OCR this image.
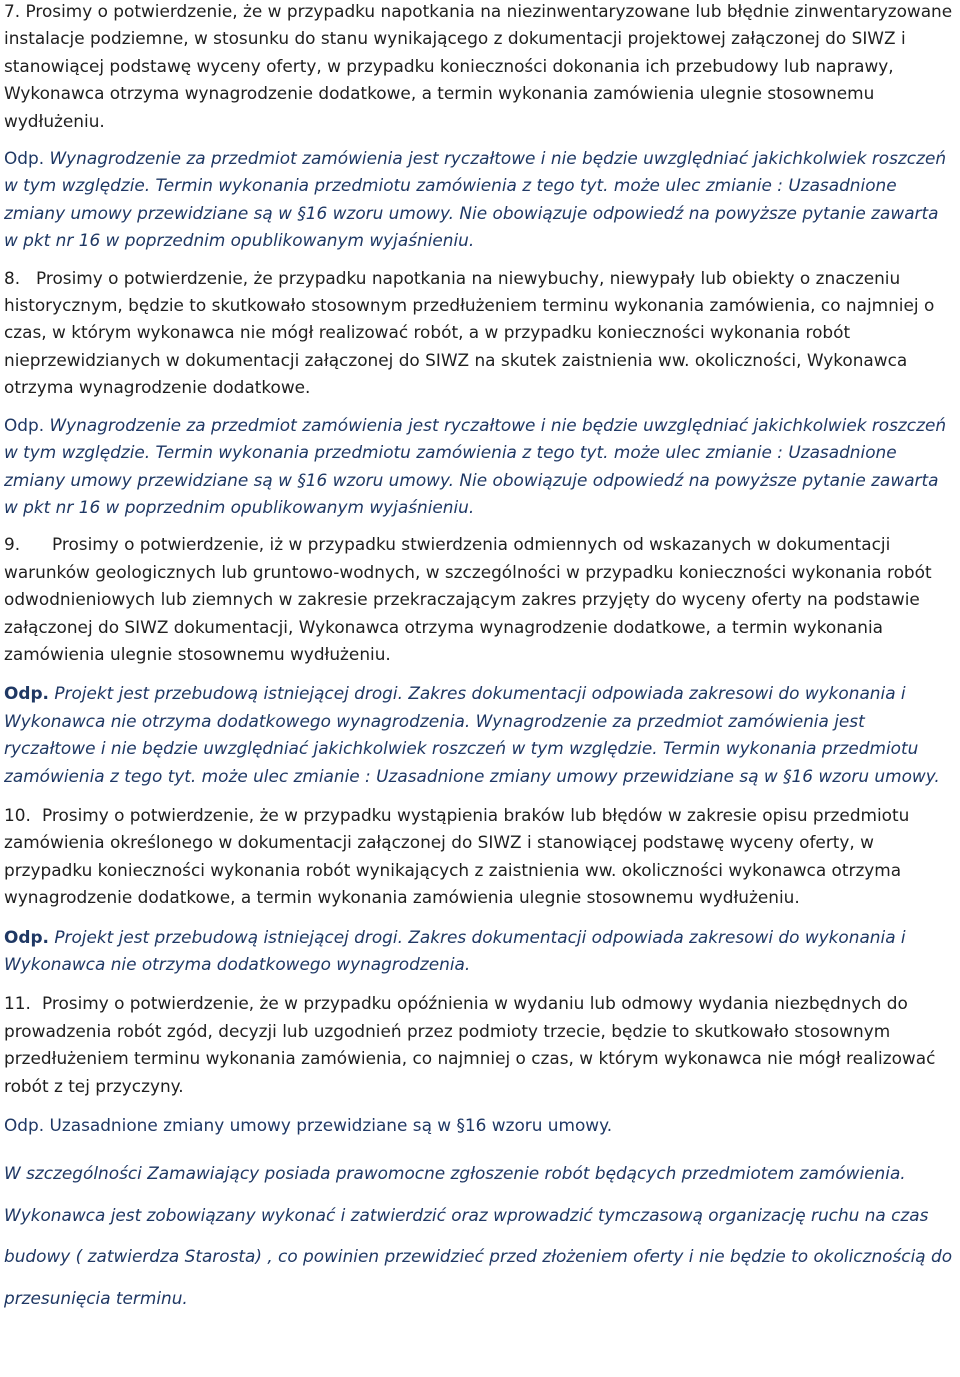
7. Prosimy o potwierdzenie, że w przypadku napotkania na niezinwentaryzowane lub błędnie zinwentaryzowane instalacje podziemne, w stosunku do stanu wynikającego z dokumentacji projektowej załączonej do SIWZ i stanowiącej podstawę wyceny oferty, w przypadku konieczności dokonania ich przebudowy lub naprawy, Wykonawca otrzyma wynagrodzenie dodatkowe, a termin wykonania zamówienia ulegnie stosownemu wydłużeniu.

Odp. Wynagrodzenie za przedmiot zamówienia jest ryczałtowe i nie będzie uwzględniać jakichkolwiek roszczeń w tym względzie. Termin wykonania przedmiotu zamówienia z tego tyt. może ulec zmianie : Uzasadnione zmiany umowy przewidziane są w §16 wzoru umowy. Nie obowiązuje odpowiedź na powyższe pytanie zawarta w pkt nr 16 w poprzednim opublikowanym wyjaśnieniu.

8. Prosimy o potwierdzenie, że przypadku napotkania na niewybuchy, niewypały lub obiekty o znaczeniu historycznym, będzie to skutkowało stosownym przedłużeniem terminu wykonania zamówienia, co najmniej o czas, w którym wykonawca nie mógł realizować robót, a w przypadku konieczności wykonania robót nieprzewidzianych w dokumentacji załączonej do SIWZ na skutek zaistnienia ww. okoliczności, Wykonawca otrzyma wynagrodzenie dodatkowe.

Odp. Wynagrodzenie za przedmiot zamówienia jest ryczałtowe i nie będzie uwzględniać jakichkolwiek roszczeń w tym względzie. Termin wykonania przedmiotu zamówienia z tego tyt. może ulec zmianie : Uzasadnione zmiany umowy przewidziane są w §16 wzoru umowy. Nie obowiązuje odpowiedź na powyższe pytanie zawarta w pkt nr 16 w poprzednim opublikowanym wyjaśnieniu.

9. Prosimy o potwierdzenie, iż w przypadku stwierdzenia odmiennych od wskazanych w dokumentacji warunków geologicznych lub gruntowo-wodnych, w szczególności w przypadku konieczności wykonania robót odwodnieniowych lub ziemnych w zakresie przekraczającym zakres przyjęty do wyceny oferty na podstawie załączonej do SIWZ dokumentacji, Wykonawca otrzyma wynagrodzenie dodatkowe, a termin wykonania zamówienia ulegnie stosownemu wydłużeniu.

Odp. Projekt jest przebudową istniejącej drogi. Zakres dokumentacji odpowiada zakresowi do wykonania i Wykonawca nie otrzyma dodatkowego wynagrodzenia. Wynagrodzenie za przedmiot zamówienia jest ryczałtowe i nie będzie uwzględniać jakichkolwiek roszczeń w tym względzie. Termin wykonania przedmiotu zamówienia z tego tyt. może ulec zmianie : Uzasadnione zmiany umowy przewidziane są w §16 wzoru umowy.

10. Prosimy o potwierdzenie, że w przypadku wystąpienia braków lub błędów w zakresie opisu przedmiotu zamówienia określonego w dokumentacji załączonej do SIWZ i stanowiącej podstawę wyceny oferty, w przypadku konieczności wykonania robót wynikających z zaistnienia ww. okoliczności wykonawca otrzyma wynagrodzenie dodatkowe, a termin wykonania zamówienia ulegnie stosownemu wydłużeniu.

Odp. Projekt jest przebudową istniejącej drogi. Zakres dokumentacji odpowiada zakresowi do wykonania i Wykonawca nie otrzyma dodatkowego wynagrodzenia.

11. Prosimy o potwierdzenie, że w przypadku opóźnienia w wydaniu lub odmowy wydania niezbędnych do prowadzenia robót zgód, decyzji lub uzgodnień przez podmioty trzecie, będzie to skutkowało stosownym przedłużeniem terminu wykonania zamówienia, co najmniej o czas, w którym wykonawca nie mógł realizować robót z tej przyczyny.

Odp. Uzasadnione zmiany umowy przewidziane są w §16 wzoru umowy.

W szczególności Zamawiający posiada prawomocne zgłoszenie robót będących przedmiotem zamówienia. Wykonawca jest zobowiązany wykonać i zatwierdzić oraz wprowadzić tymczasową organizację ruchu na czas budowy ( zatwierdza Starosta) , co powinien przewidzieć przed złożeniem oferty i nie będzie to okolicznością do przesunięcia terminu.
